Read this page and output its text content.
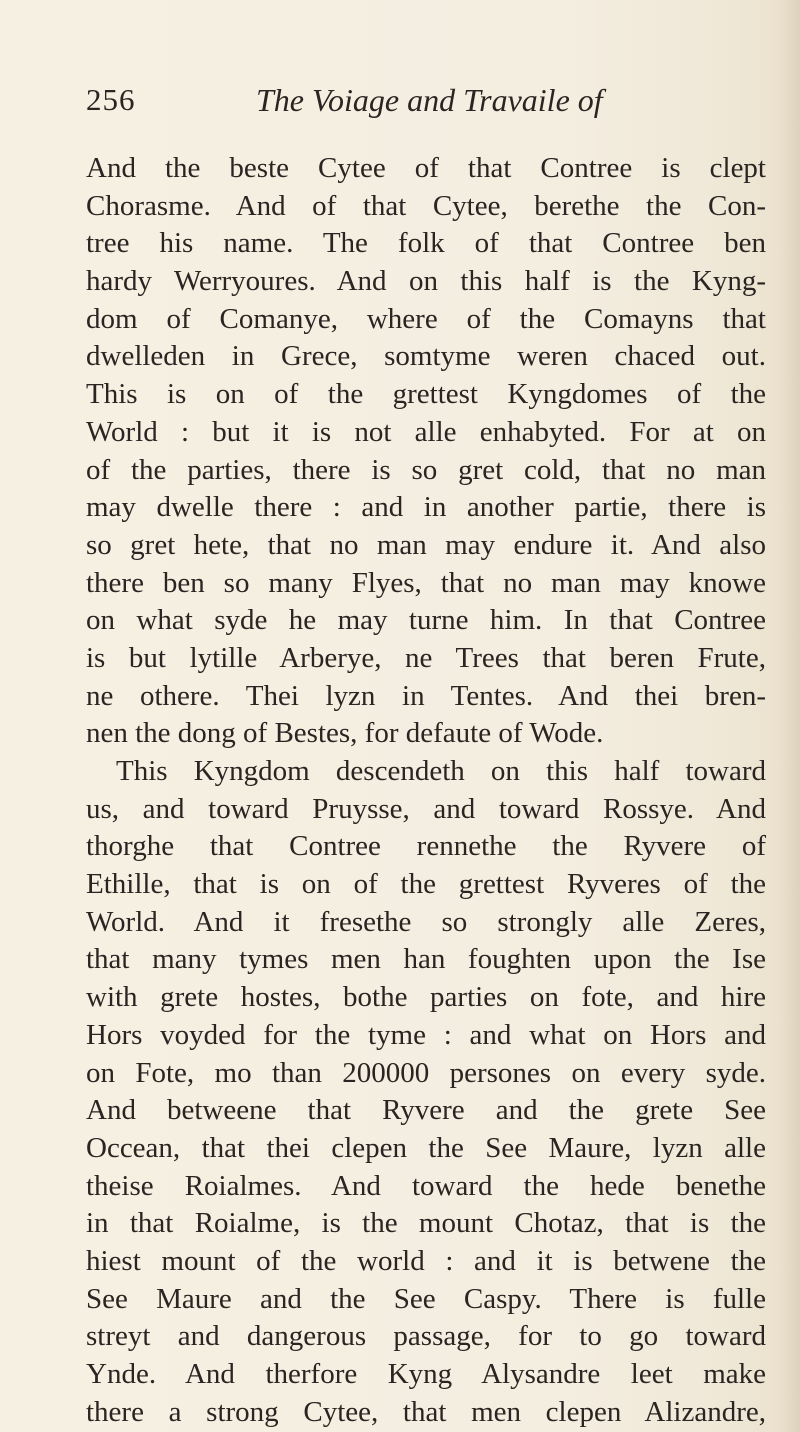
256	The Voiage and Travaile of
And the beste Cytee of that Contree is clept
Chorasme. And of that Cytee, berethe the Con-
tree his name. The folk of that Contree ben
hardy Werryoures. And on this half is the Kyng-
dom of Comanye, where of the Comayns that
dwelleden in Grece, somtyme weren chaced out.
This is on of the grettest Kyngdomes of the
World : but it is not alle enhabyted. For at on
of the parties, there is so gret cold, that no man
may dwelle there : and in another partie, there is
so gret hete, that no man may endure it. And also
there ben so many Flyes, that no man may knowe
on what syde he may turne him. In that Contree
is but lytille Arberye, ne Trees that beren Frute,
ne othere. Thei lyzn in Tentes. And thei bren-
nen the dong of Bestes, for defaute of Wode.
This Kyngdom descendeth on this half toward
us, and toward Pruysse, and toward Rossye. And
thorghe that Contree rennethe the Ryvere of
Ethille, that is on of the grettest Ryveres of the
World. And it fresethe so strongly alle Zeres,
that many tymes men han foughten upon the Ise
with grete hostes, bothe parties on fote, and hire
Hors voyded for the tyme : and what on Hors and
on Fote, mo than 200000 persones on every syde.
And betweene that Ryvere and the grete See
Occean, that thei clepen the See Maure, lyzn alle
theise Roialmes. And toward the hede benethe
in that Roialme, is the mount Chotaz, that is the
hiest mount of the world : and it is betwene the
See Maure and the See Caspy. There is fulle
streyt and dangerous passage, for to go toward
Ynde. And therfore Kyng Alysandre leet make
there a strong Cytee, that men clepen Alizandre,
